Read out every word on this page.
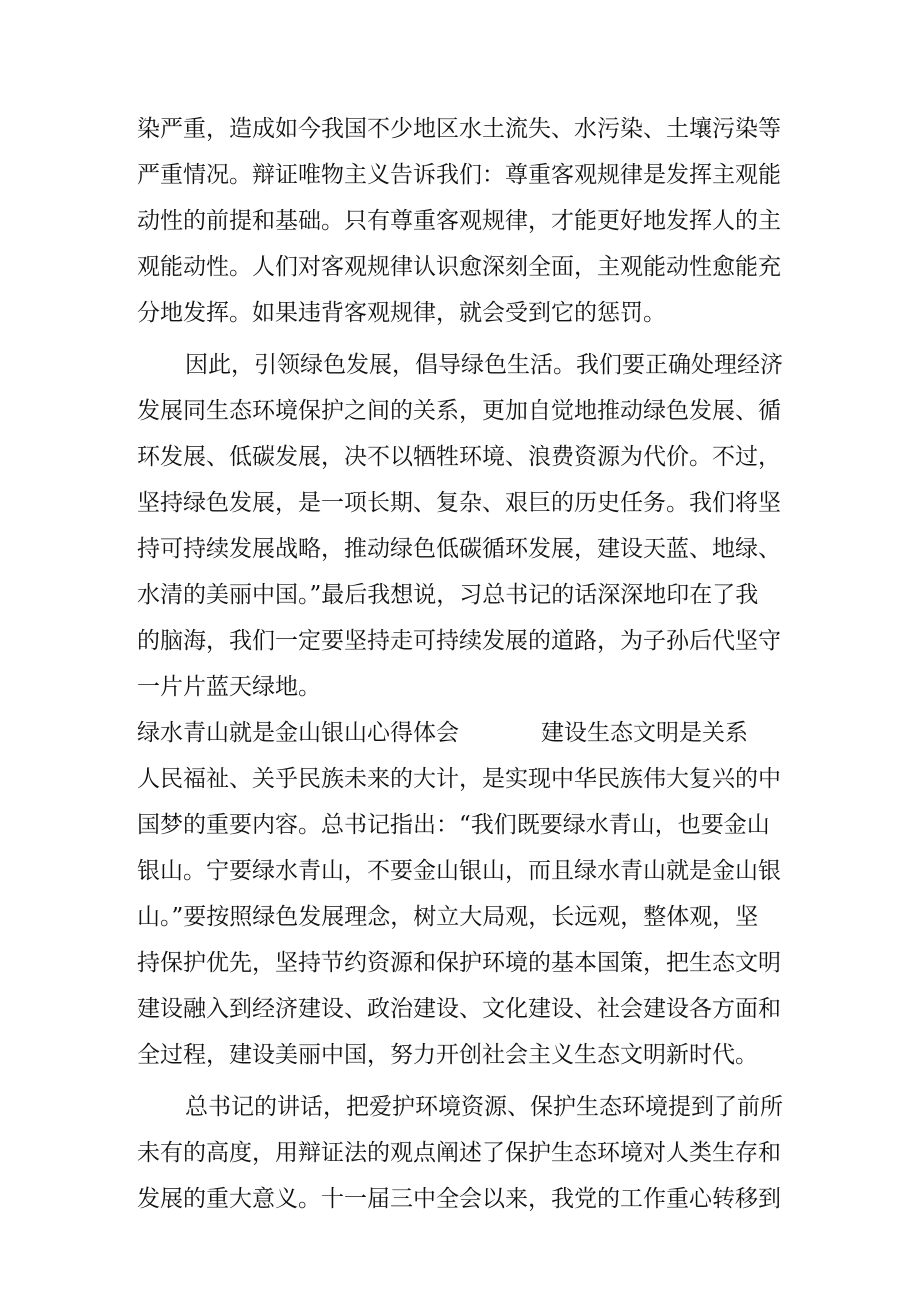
染严重，造成如今我国不少地区水土流失、水污染、土壤污染等
严重情况。辩证唯物主义告诉我们：尊重客观规律是发挥主观能
动性的前提和基础。只有尊重客观规律，才能更好地发挥人的主
观能动性。人们对客观规律认识愈深刻全面，主观能动性愈能充
分地发挥。如果违背客观规律，就会受到它的惩罚。
因此，引领绿色发展，倡导绿色生活。我们要正确处理经济
发展同生态环境保护之间的关系，更加自觉地推动绿色发展、循
环发展、低碳发展，决不以牺牲环境、浪费资源为代价。不过，
坚持绿色发展，是一项长期、复杂、艰巨的历史任务。我们将坚
持可持续发展战略，推动绿色低碳循环发展，建设天蓝、地绿、
水清的美丽中国。”最后我想说，习总书记的话深深地印在了我
的脑海，我们一定要坚持走可持续发展的道路，为子孙后代坚守
一片片蓝天绿地。
绿水青山就是金山银山心得体会	建设生态文明是关系
人民福祉、关乎民族未来的大计，是实现中华民族伟大复兴的中
国梦的重要内容。总书记指出：“我们既要绿水青山，也要金山
银山。宁要绿水青山，不要金山银山，而且绿水青山就是金山银
山。”要按照绿色发展理念，树立大局观，长远观，整体观，坚
持保护优先，坚持节约资源和保护环境的基本国策，把生态文明
建设融入到经济建设、政治建设、文化建设、社会建设各方面和
全过程，建设美丽中国，努力开创社会主义生态文明新时代。
总书记的讲话，把爱护环境资源、保护生态环境提到了前所
未有的高度，用辩证法的观点阐述了保护生态环境对人类生存和
发展的重大意义。十一届三中全会以来，我党的工作重心转移到
